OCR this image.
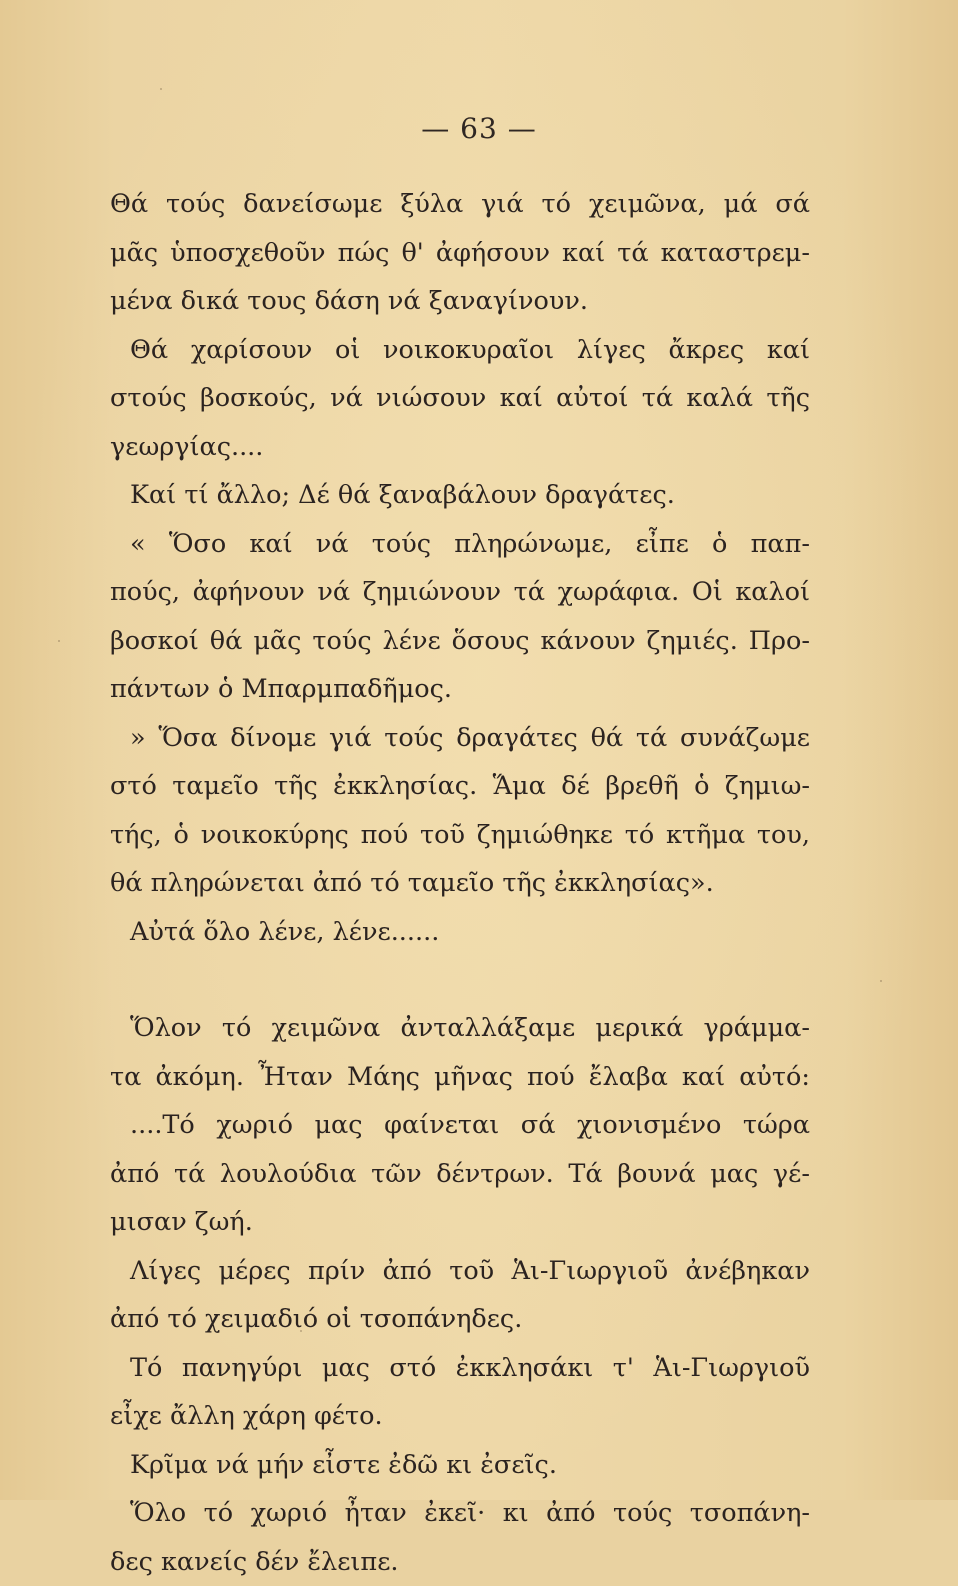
— 63 —
Θά τούς δανείσωμε ξύλα γιά τό χειμῶνα, μά σά
μᾶς ὑποσχεθοῦν πώς θ' ἀφήσουν καί τά καταστρεμ-
μένα δικά τους δάση νά ξαναγίνουν.
Θά χαρίσουν οἱ νοικοκυραῖοι λίγες ἄκρες καί
στούς βοσκούς, νά νιώσουν καί αὐτοί τά καλά τῆς
γεωργίας....
Καί τί ἄλλο; Δέ θά ξαναβάλουν δραγάτες.
« Ὅσο καί νά τούς πληρώνωμε, εἶπε ὁ παπ-
πούς, ἀφήνουν νά ζημιώνουν τά χωράφια. Οἱ καλοί
βοσκοί θά μᾶς τούς λένε ὅσους κάνουν ζημιές. Προ-
πάντων ὁ Μπαρμπαδῆμος.
» Ὅσα δίνομε γιά τούς δραγάτες θά τά συνάζωμε
στό ταμεῖο τῆς ἐκκλησίας. Ἅμα δέ βρεθῆ ὁ ζημιω-
τής, ὁ νοικοκύρης πού τοῦ ζημιώθηκε τό κτῆμα του,
θά πληρώνεται ἀπό τό ταμεῖο τῆς ἐκκλησίας».
Αὐτά ὅλο λένε, λένε......
Ὅλον τό χειμῶνα ἀνταλλάξαμε μερικά γράμμα-
τα ἀκόμη. Ἦταν Μάης μῆνας πού ἔλαβα καί αὐτό:
....Τό χωριό μας φαίνεται σά χιονισμένο τώρα
ἀπό τά λουλούδια τῶν δέντρων. Τά βουνά μας γέ-
μισαν ζωή.
Λίγες μέρες πρίν ἀπό τοῦ Ἁι-Γιωργιοῦ ἀνέβηκαν
ἀπό τό χειμαδιό οἱ τσοπάνηδες.
Τό πανηγύρι μας στό ἐκκλησάκι τ' Ἁι-Γιωργιοῦ
εἶχε ἄλλη χάρη φέτο.
Κρῖμα νά μήν εἶστε ἐδῶ κι ἐσεῖς.
Ὅλο τό χωριό ἦταν ἐκεῖ· κι ἀπό τούς τσοπάνη-
δες κανείς δέν ἔλειπε.
